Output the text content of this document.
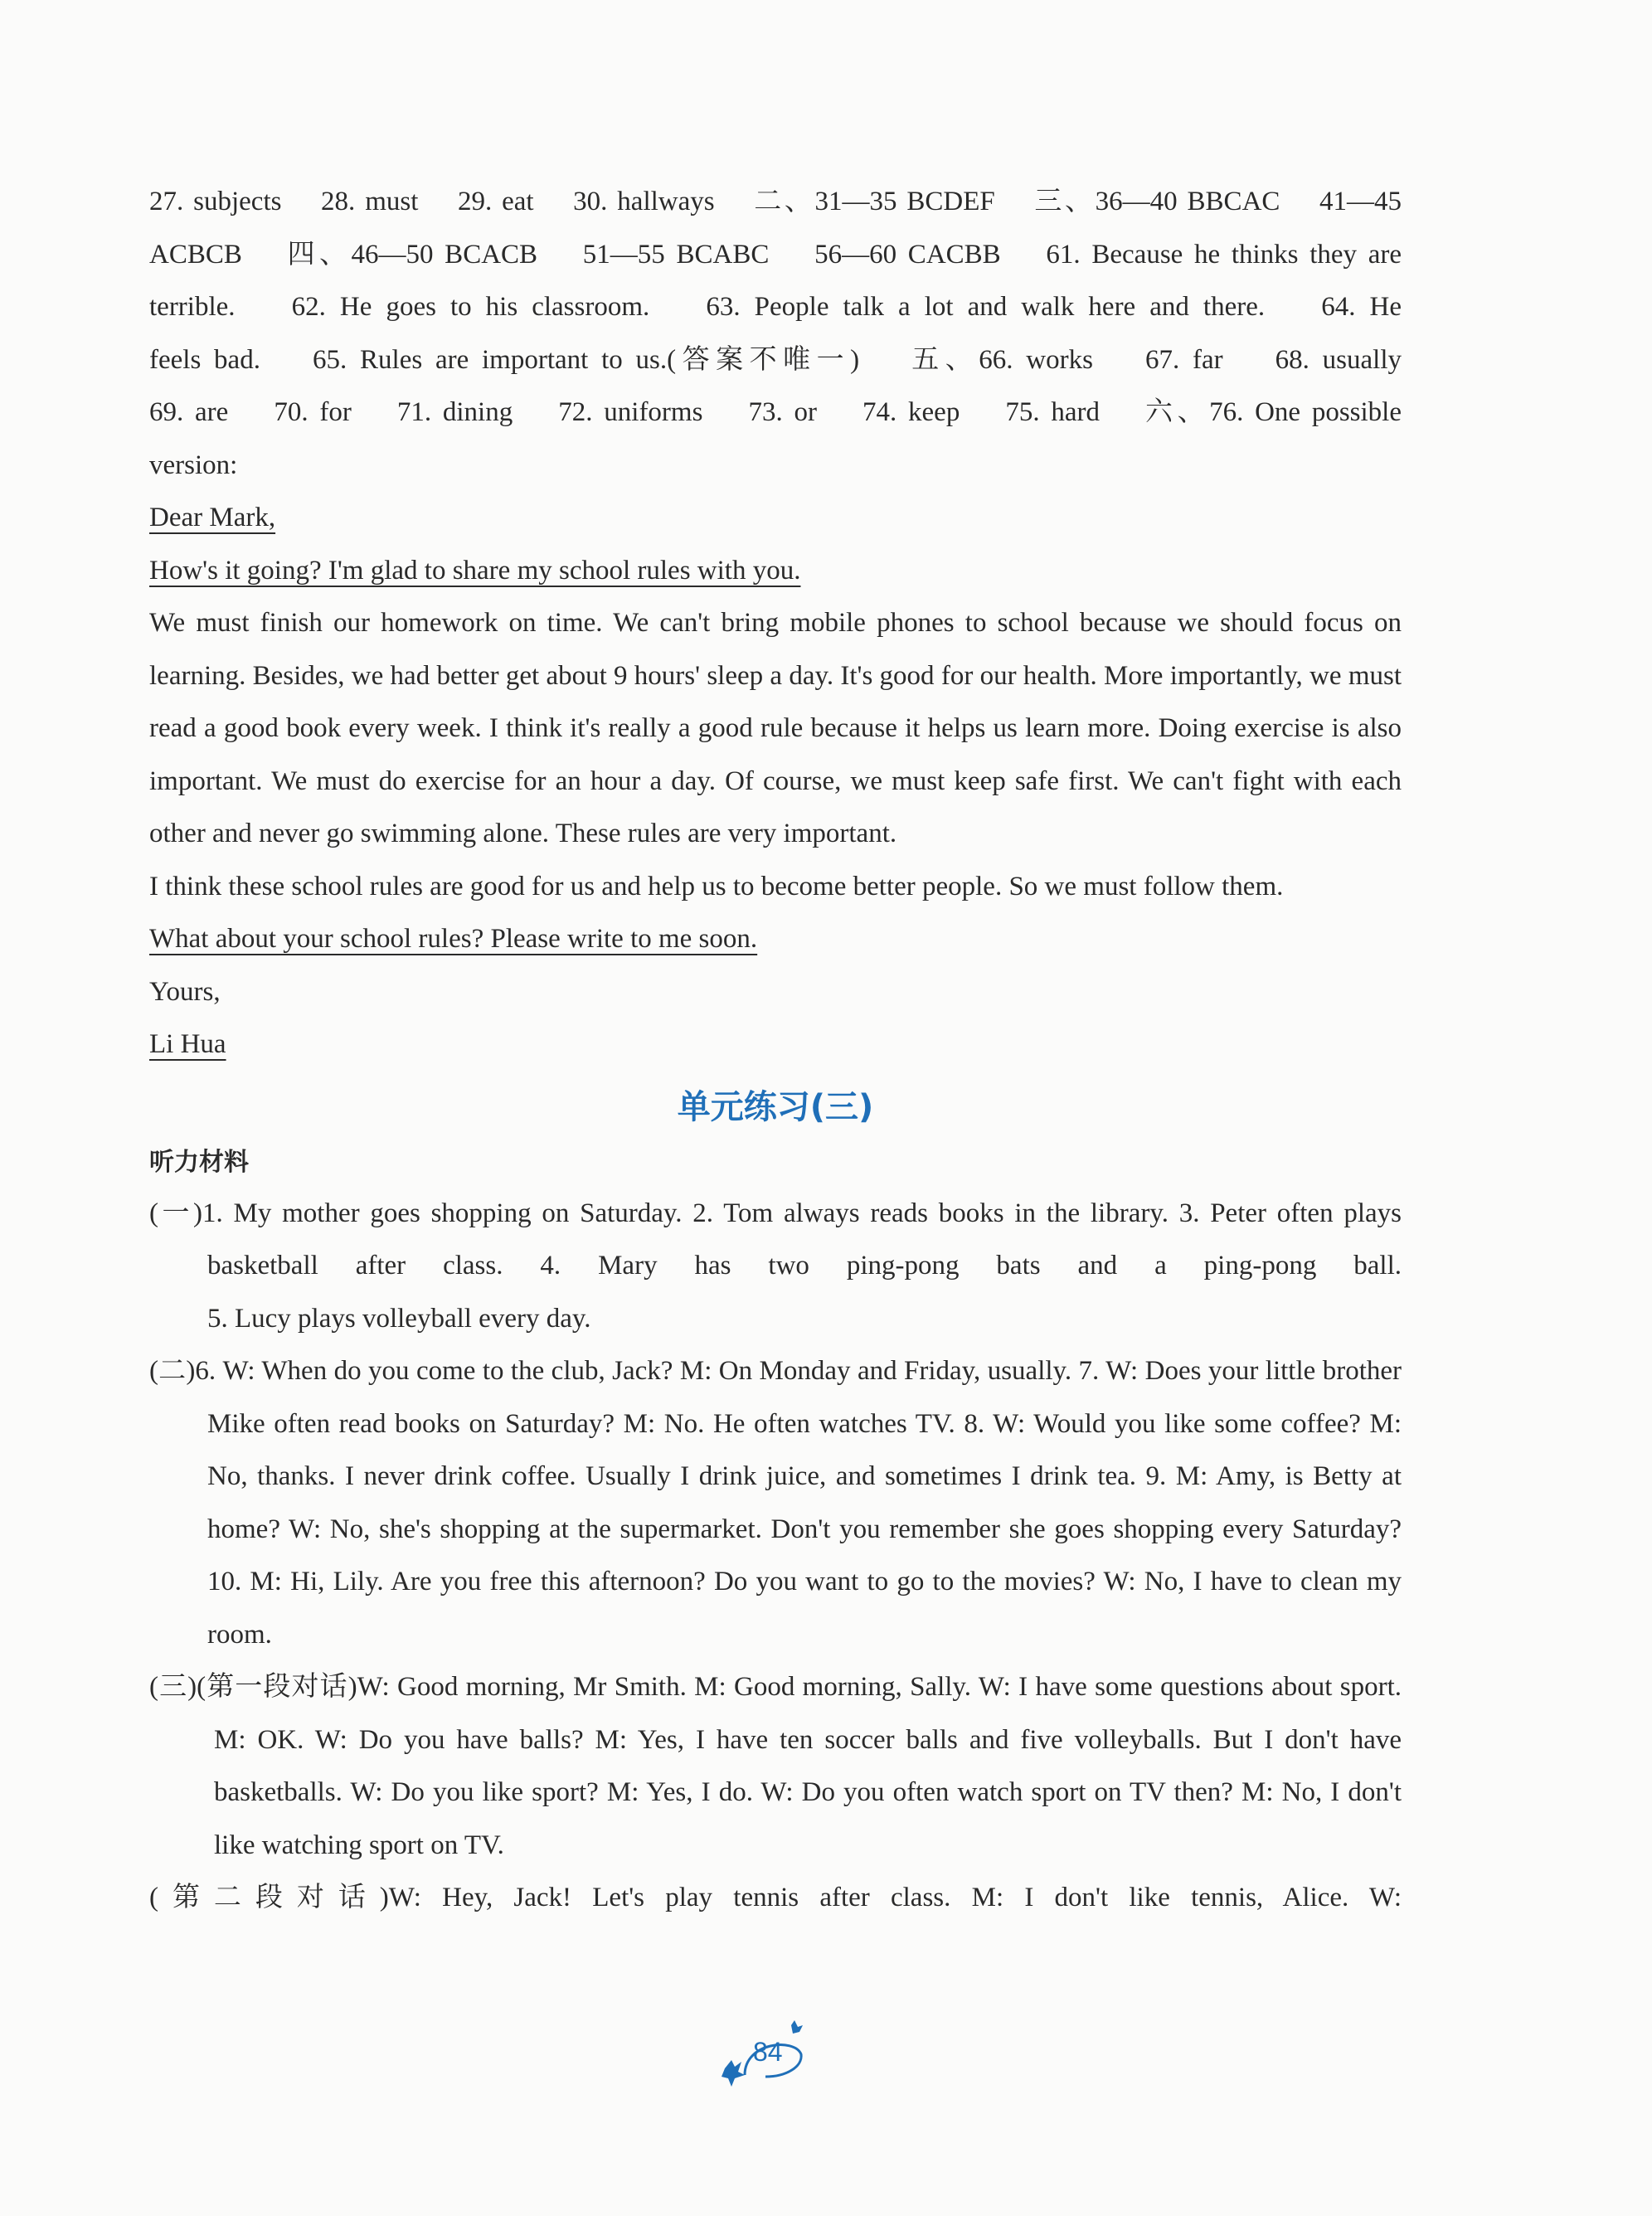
27. subjects    28. must    29. eat    30. hallways    二、31—35 BCDEF    三、36—40 BBCAC    41—45

ACBCB    四、46—50 BCACB    51—55 BCABC    56—60 CACBB    61. Because he thinks they are

terrible.    62. He goes to his classroom.    63. People talk a lot and walk here and there.    64. He

feels bad.    65. Rules are important to us.(答案不唯一)    五、66. works    67. far    68. usually

69. are    70. for    71. dining    72. uniforms    73. or    74. keep    75. hard    六、76. One possible

version:

Dear Mark,

How's it going? I'm glad to share my school rules with you.

We must finish our homework on time. We can't bring mobile phones to school because we should focus on learning. Besides, we had better get about 9 hours' sleep a day. It's good for our health. More importantly, we must read a good book every week. I think it's really a good rule because it helps us learn more. Doing exercise is also important. We must do exercise for an hour a day. Of course, we must keep safe first. We can't fight with each other and never go swimming alone. These rules are very important.

I think these school rules are good for us and help us to become better people. So we must follow them.

What about your school rules? Please write to me soon.

Yours,

Li Hua

单元练习(三)

听力材料

(一)1. My mother goes shopping on Saturday. 2. Tom always reads books in the library. 3. Peter often plays basketball after class. 4. Mary has two ping-pong bats and a ping-pong ball.

5. Lucy plays volleyball every day.

(二)6. W: When do you come to the club, Jack? M: On Monday and Friday, usually. 7. W: Does your little brother Mike often read books on Saturday? M: No. He often watches TV. 8. W: Would you like some coffee? M: No, thanks. I never drink coffee. Usually I drink juice, and sometimes I drink tea. 9. M: Amy, is Betty at home? W: No, she's shopping at the supermarket. Don't you remember she goes shopping every Saturday? 10. M: Hi, Lily. Are you free this afternoon? Do you want to go to the movies? W: No, I have to clean my room.

(三)(第一段对话)W: Good morning, Mr Smith. M: Good morning, Sally. W: I have some questions about sport. M: OK. W: Do you have balls? M: Yes, I have ten soccer balls and five volleyballs. But I don't have basketballs. W: Do you like sport? M: Yes, I do. W: Do you often watch sport on TV then? M: No, I don't like watching sport on TV.

(第二段对话)W: Hey, Jack! Let's play tennis after class. M: I don't like tennis, Alice. W:

84
